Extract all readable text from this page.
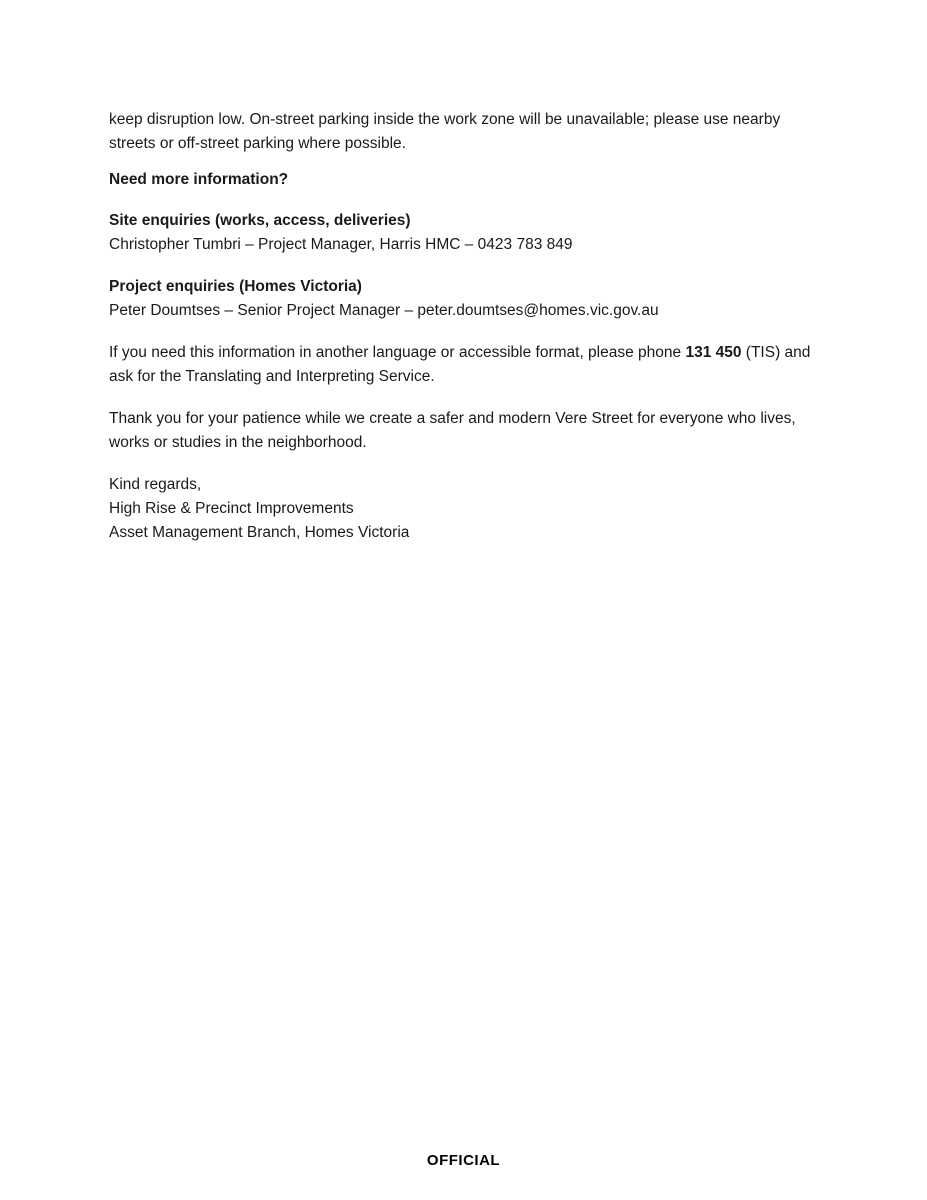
keep disruption low. On-street parking inside the work zone will be unavailable; please use nearby streets or off-street parking where possible.

Need more information?

Site enquiries (works, access, deliveries)
Christopher Tumbri – Project Manager, Harris HMC – 0423 783 849

Project enquiries (Homes Victoria)
Peter Doumtses – Senior Project Manager – peter.doumtses@homes.vic.gov.au

If you need this information in another language or accessible format, please phone 131 450 (TIS) and ask for the Translating and Interpreting Service.

Thank you for your patience while we create a safer and modern Vere Street for everyone who lives, works or studies in the neighborhood.

Kind regards,
High Rise & Precinct Improvements
Asset Management Branch, Homes Victoria

OFFICIAL
